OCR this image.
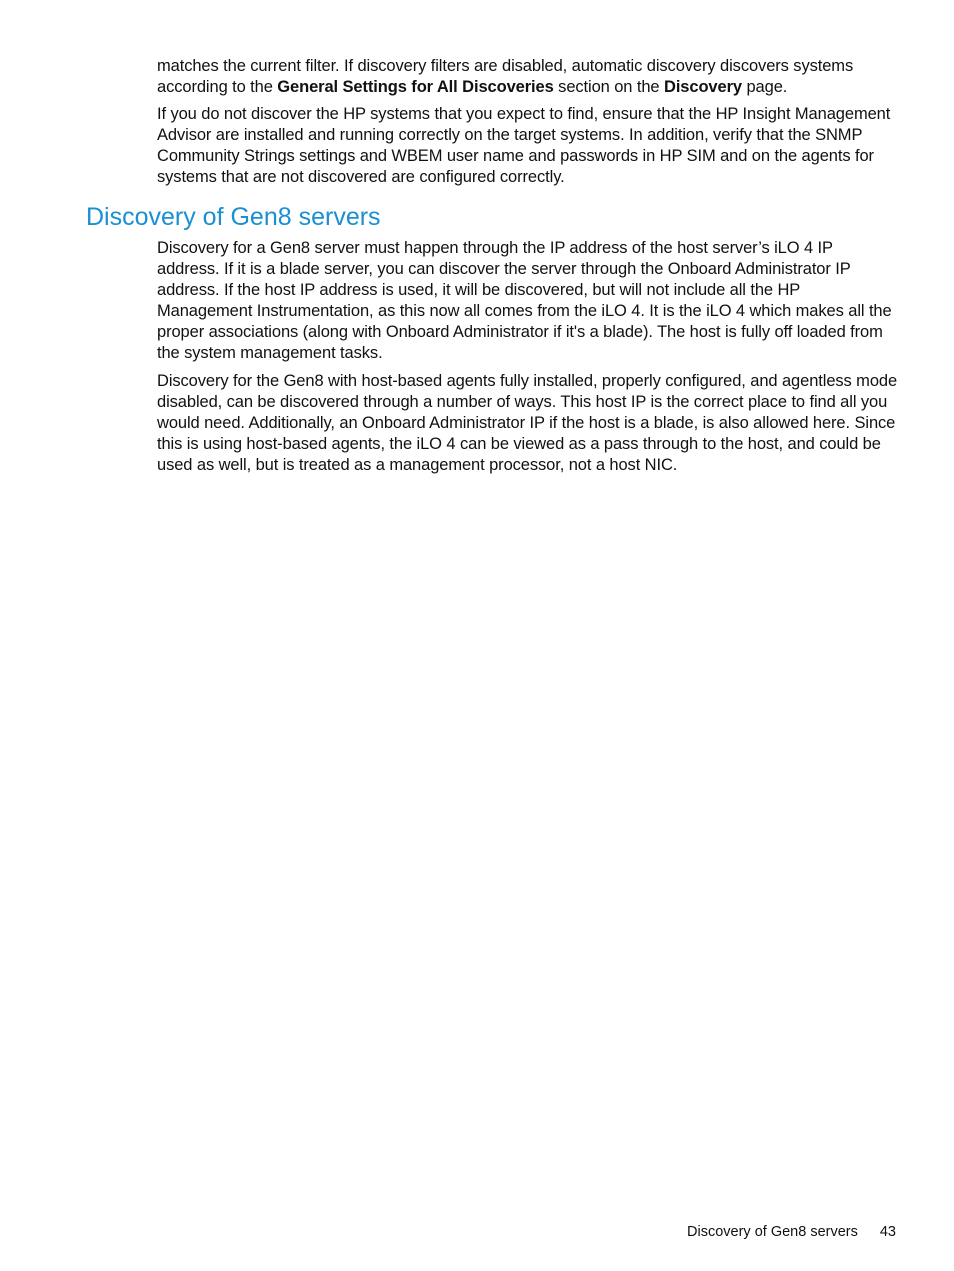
matches the current filter. If discovery filters are disabled, automatic discovery discovers systems according to the General Settings for All Discoveries section on the Discovery page.

If you do not discover the HP systems that you expect to find, ensure that the HP Insight Management Advisor are installed and running correctly on the target systems. In addition, verify that the SNMP Community Strings settings and WBEM user name and passwords in HP SIM and on the agents for systems that are not discovered are configured correctly.

Discovery of Gen8 servers

Discovery for a Gen8 server must happen through the IP address of the host server’s iLO 4 IP address. If it is a blade server, you can discover the server through the Onboard Administrator IP address. If the host IP address is used, it will be discovered, but will not include all the HP Management Instrumentation, as this now all comes from the iLO 4. It is the iLO 4 which makes all the proper associations (along with Onboard Administrator if it's a blade). The host is fully off loaded from the system management tasks.

Discovery for the Gen8 with host-based agents fully installed, properly configured, and agentless mode disabled, can be discovered through a number of ways. This host IP is the correct place to find all you would need. Additionally, an Onboard Administrator IP if the host is a blade, is also allowed here. Since this is using host-based agents, the iLO 4 can be viewed as a pass through to the host, and could be used as well, but is treated as a management processor, not a host NIC.

Discovery of Gen8 servers 43
